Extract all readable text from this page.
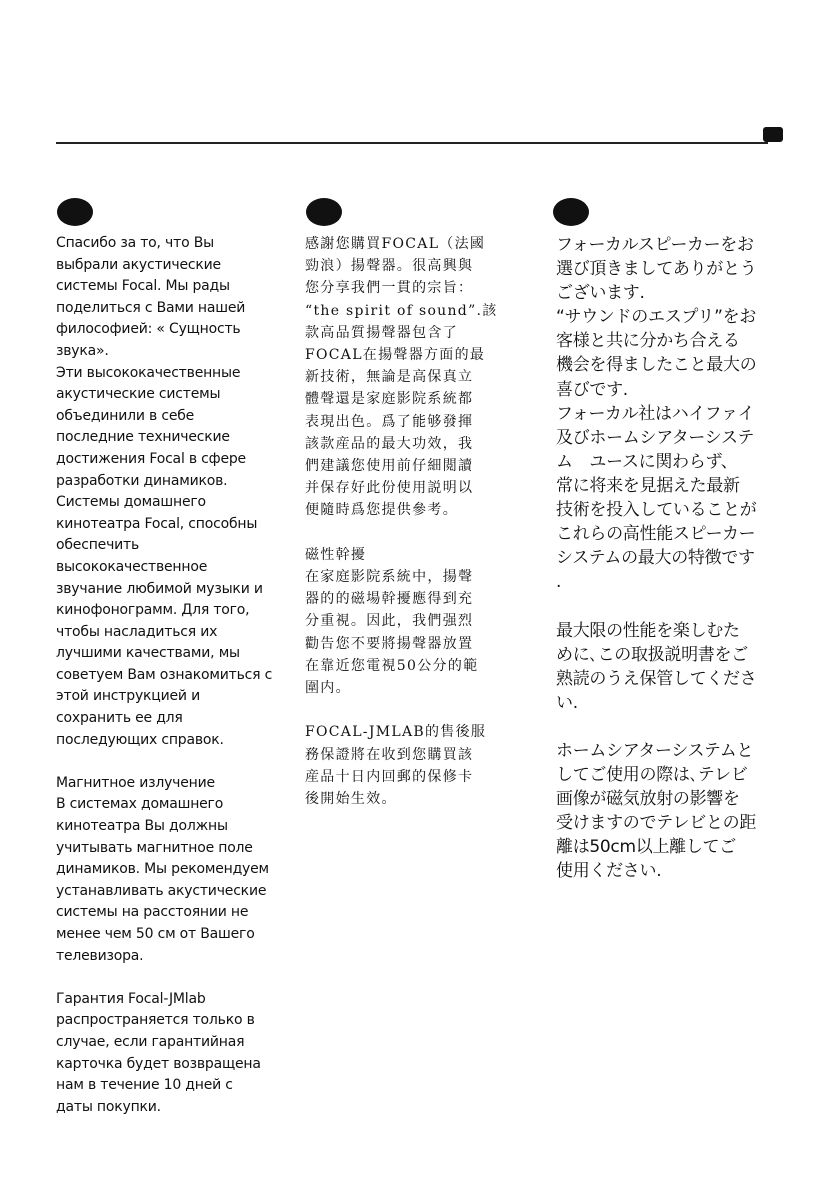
Спасибо за то, что Вы

выбрали акустические

системы Focal. Мы рады

поделиться с Вами нашей

философией: « Сущность

звука».

Эти высококачественные

акустические системы

объединили в себе

последние технические

достижения Focal в сфере

разработки динамиков.

Системы домашнего

кинотеатра Focal, способны

обеспечить

высококачественное

звучание любимой музыки и

кинофонограмм. Для того,

чтобы насладиться их

лучшими качествами, мы

советуем Вам ознакомиться с

этой инструкцией и

сохранить ее для

последующих справок.

Магнитное излучение

В системах домашнего

кинотеатра Вы должны

учитывать магнитное поле

динамиков. Мы рекомендуем

устанавливать акустические

системы на расстоянии не

менее чем 50 см от Вашего

телевизора.

Гарантия Focal-JMlab

распространяется только в

случае, если гарантийная

карточка будет возвращена

нам в течение 10 дней с

даты покупки.

感謝您購買FOCAL（法國

勁浪）揚聲器。很高興與

您分享我們一貫的宗旨：

“the spirit of sound”.該

款高品質揚聲器包含了

FOCAL在揚聲器方面的最

新技術，無論是高保真立

體聲還是家庭影院系統都

表現出色。爲了能够發揮

該款産品的最大功效，我

們建議您使用前仔細閲讀

并保存好此份使用説明以

便隨時爲您提供參考。

磁性幹擾

在家庭影院系統中，揚聲

器的的磁場幹擾應得到充

分重視。因此，我們强烈

勸告您不要將揚聲器放置

在靠近您電視50公分的範

圍内。

FOCAL-JMLAB的售後服

務保證將在收到您購買該

産品十日内回郵的保修卡

後開始生效。

フォーカルスピーカーをお

選び頂きましてありがとう

ございます.

“サウンドのエスプリ”をお

客様と共に分かち合える

機会を得ましたこと最大の

喜びです.

フォーカル社はハイファイ

及びホームシアターシステ

ム　ユースに関わらず、

常に将来を見据えた最新

技術を投入していることが

これらの高性能スピーカー

システムの最大の特徴です

.

最大限の性能を楽しむた

めに､この取扱説明書をご

熟読のうえ保管してくださ

い.

ホームシアターシステムと

してご使用の際は､テレビ

画像が磁気放射の影響を

受けますのでテレビとの距

離は50cm以上離してご

使用ください.
